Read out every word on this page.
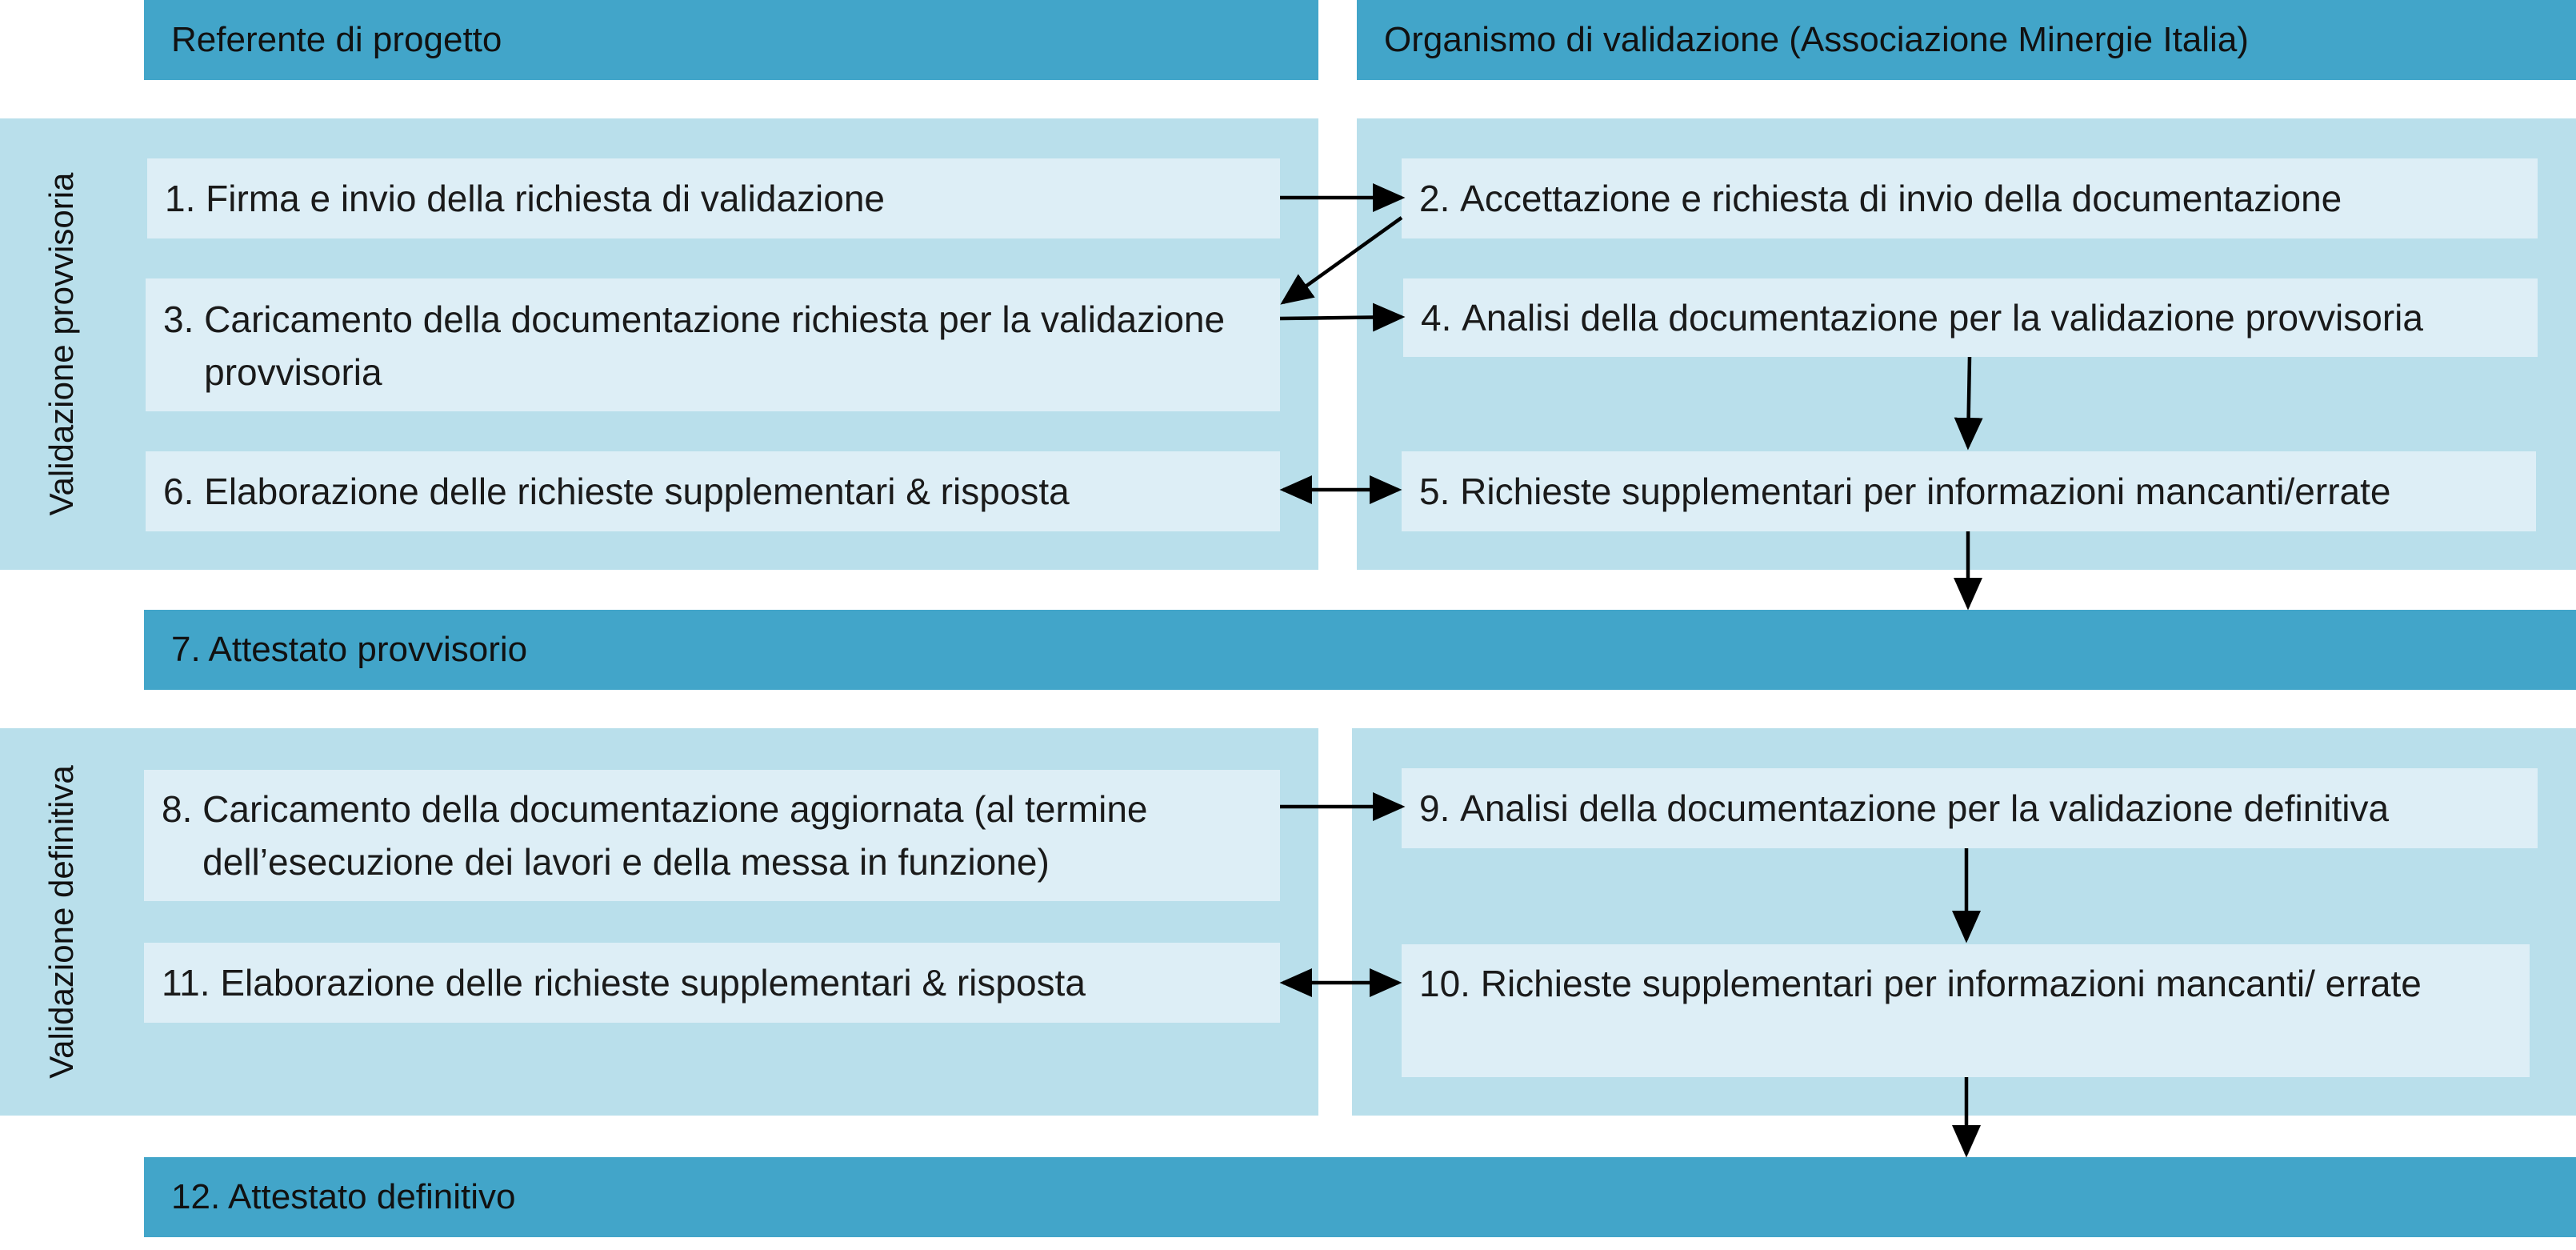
Referente di progetto	Organismo di validazione (Associazione Minergie Italia)
Validazione provvisoria 1.
Firma e invio della richiesta di validazione	2.
Accettazione e richiesta di invio della documentazione
3.
Caricamento della documentazione richiesta per la validazione provvisoria
4.
Analisi della documentazione per la validazione provvisoria
5.
Richieste supplementari per informazioni mancanti/errate
6.
Elaborazione delle richieste supplementari & risposta
7. Attestato provvisorio
Validazione definitiva 8.
Caricamento della documentazione aggiornata (al termine dell’esecuzione dei lavori e della messa in funzione)
9.
Analisi della documentazione per la validazione definitiva
11.
Elaborazione delle richieste supplementari & risposta	10.
Richieste supplementari per informazioni mancanti/ errate
12. Attestato definitivo
